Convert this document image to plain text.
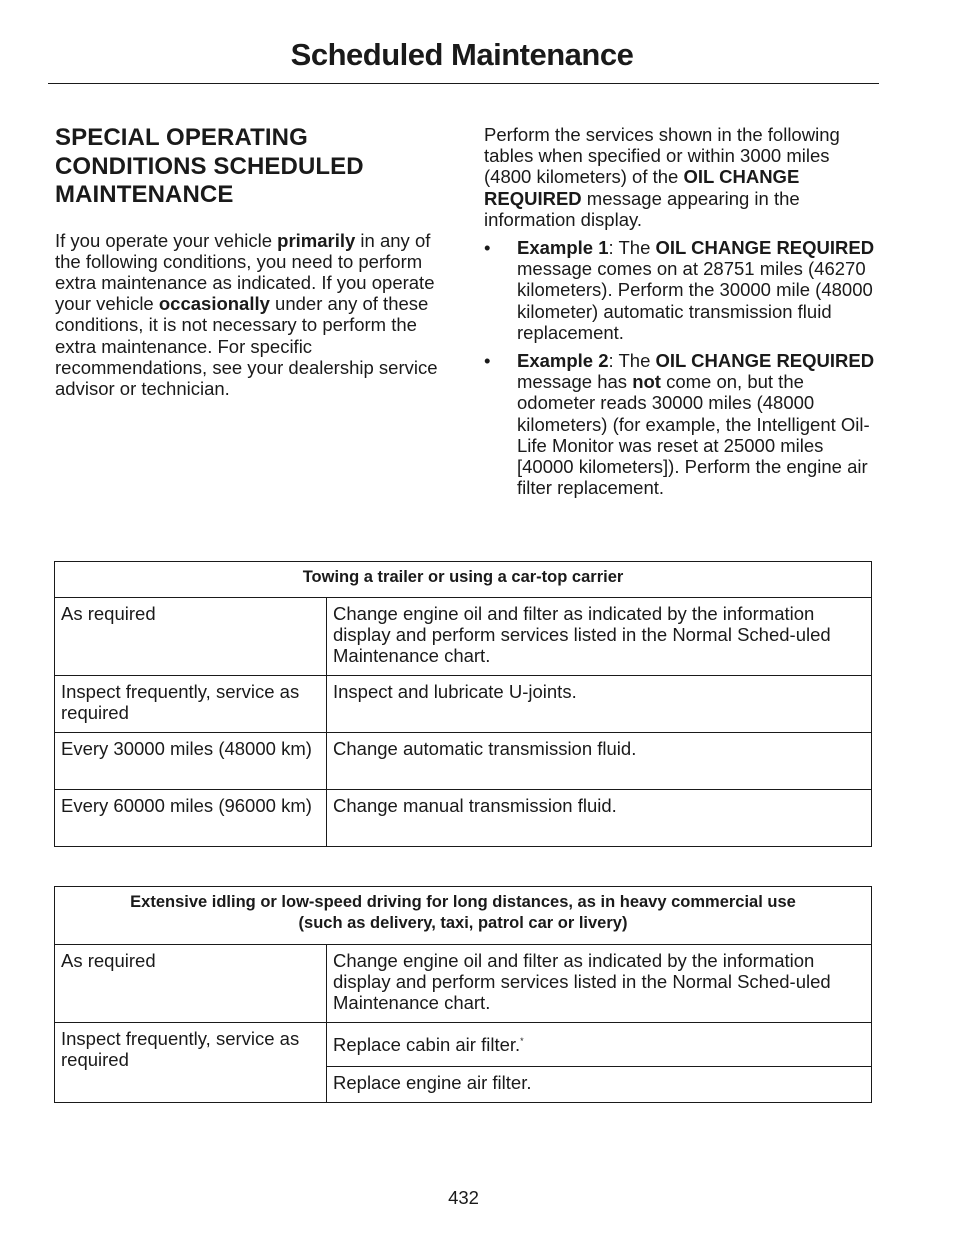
Scheduled Maintenance
SPECIAL OPERATING CONDITIONS SCHEDULED MAINTENANCE

If you operate your vehicle primarily in any of the following conditions, you need to perform extra maintenance as indicated. If you operate your vehicle occasionally under any of these conditions, it is not necessary to perform the extra maintenance. For specific recommendations, see your dealership service advisor or technician.

Perform the services shown in the following tables when specified or within 3000 miles (4800 kilometers) of the OIL CHANGE REQUIRED message appearing in the information display.

• Example 1: The OIL CHANGE REQUIRED message comes on at 28751 miles (46270 kilometers). Perform the 30000 mile (48000 kilometer) automatic transmission fluid replacement.
• Example 2: The OIL CHANGE REQUIRED message has not come on, but the odometer reads 30000 miles (48000 kilometers) (for example, the Intelligent Oil-Life Monitor was reset at 25000 miles [40000 kilometers]). Perform the engine air filter replacement.
Towing a trailer or using a car-top carrier	
As required	Change engine oil and filter as indicated by the information display and perform services listed in the Normal Sched-uled Maintenance chart.
Inspect frequently, service as required	Inspect and lubricate U-joints.
Every 30000 miles (48000 km)	Change automatic transmission fluid.
Every 60000 miles (96000 km)	Change manual transmission fluid.
Extensive idling or low-speed driving for long distances, as in heavy commercial use
(such as delivery, taxi, patrol car or livery)	
As required	Change engine oil and filter as indicated by the information display and perform services listed in the Normal Sched-uled Maintenance chart.
Inspect frequently, service as required	Replace cabin air filter.*
	Replace engine air filter.
432
